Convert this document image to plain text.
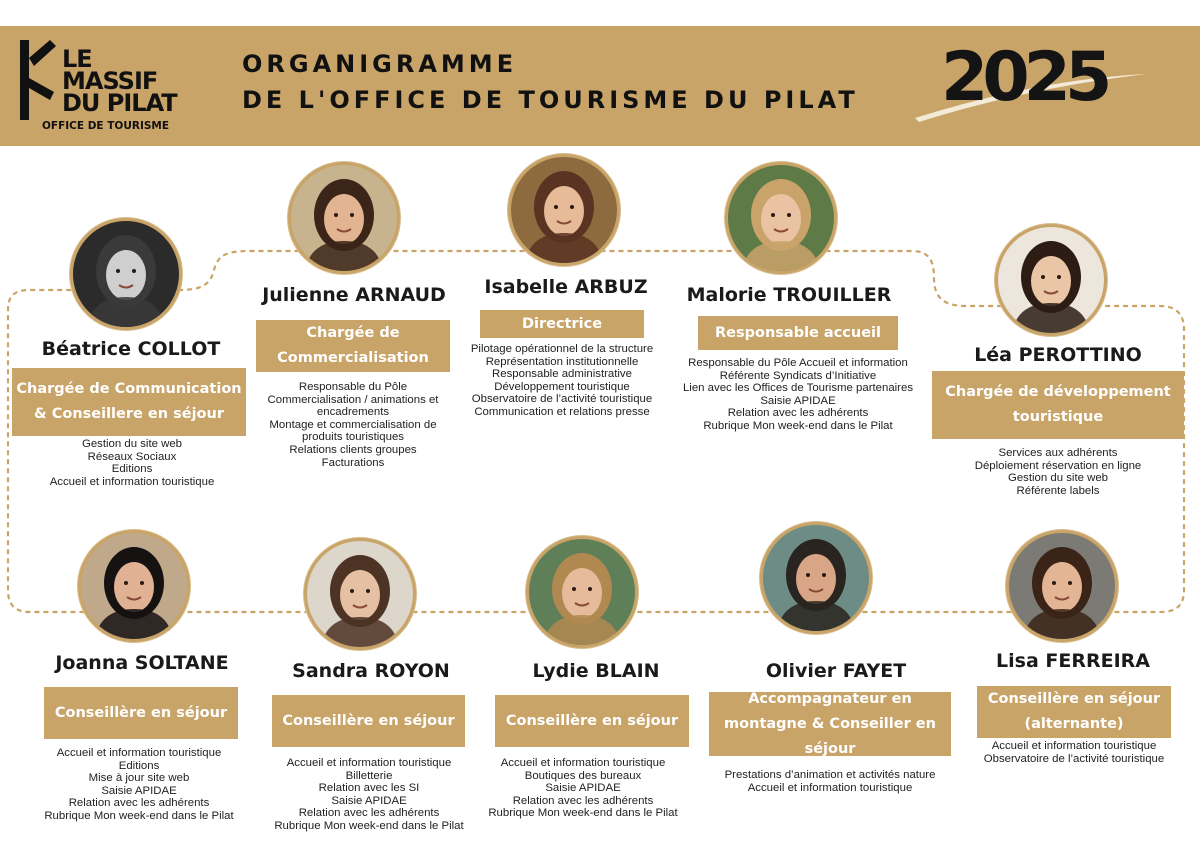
LE
MASSIF
DU PILAT
OFFICE DE TOURISME
ORGANIGRAMME
DE L'OFFICE DE TOURISME DU PILAT 2025
Béatrice COLLOT
Chargée de Communication & Conseillere en séjour
Gestion du site web
Réseaux Sociaux
Editions
Accueil et information touristique
Julienne ARNAUD
Chargée de Commercialisation
Responsable du Pôle
Commercialisation / animations et
encadrements
Montage et commercialisation de
produits touristiques
Relations clients groupes
Facturations
Isabelle ARBUZ
Directrice
Pilotage opérationnel de la structure
Représentation institutionnelle
Responsable administrative
Développement touristique
Observatoire de l’activité touristique
Communication et relations presse
Malorie TROUILLER
Responsable accueil
Responsable du Pôle Accueil et information
Référente Syndicats d’Initiative
Lien avec les Offices de Tourisme partenaires
Saisie APIDAE
Relation avec les adhérents
Rubrique Mon week-end dans le Pilat
Léa PEROTTINO
Chargée de développement touristique
Services aux adhérents
Déploiement réservation en ligne
Gestion du site web
Référente labels
Joanna SOLTANE
Conseillère en séjour
Accueil et information touristique
Editions
Mise à jour site web
Saisie APIDAE
Relation avec les adhérents
Rubrique Mon week-end dans le Pilat
Sandra ROYON
Conseillère en séjour
Accueil et information touristique
Billetterie
Relation avec les SI
Saisie APIDAE
Relation avec les adhérents
Rubrique Mon week-end dans le Pilat
Lydie BLAIN
Conseillère en séjour
Accueil et information touristique
Boutiques des bureaux
Saisie APIDAE
Relation avec les adhérents
Rubrique Mon week-end dans le Pilat
Olivier FAYET
Accompagnateur en montagne & Conseiller en séjour
Prestations d’animation et activités nature
Accueil et information touristique
Lisa FERREIRA
Conseillère en séjour (alternante)
Accueil et information touristique
Observatoire de l’activité touristique
